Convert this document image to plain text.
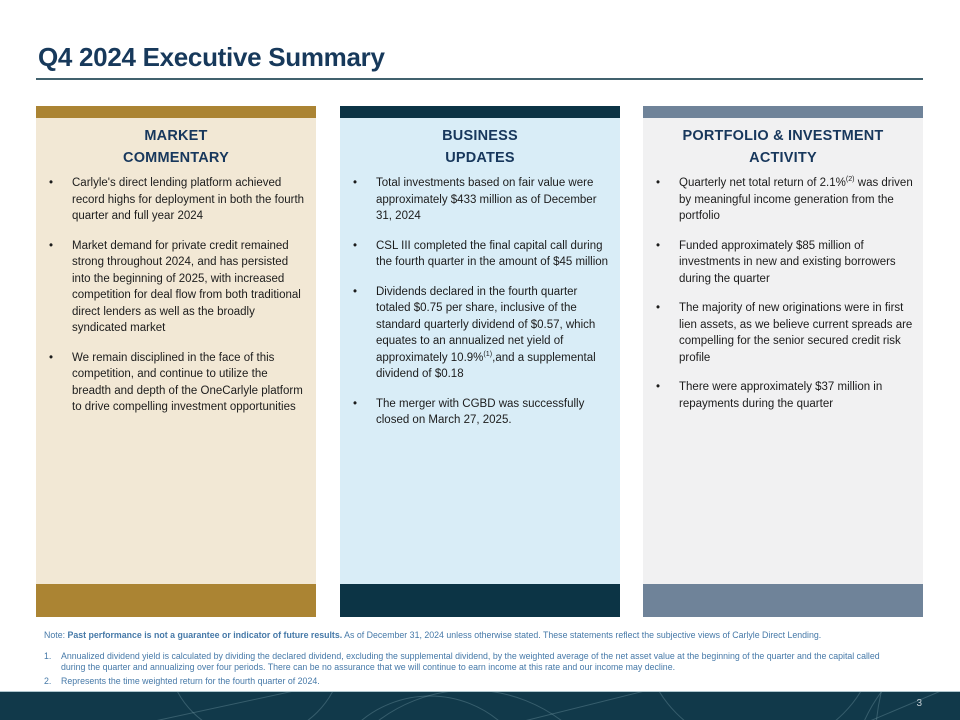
Q4 2024 Executive Summary
MARKET
COMMENTARY
•	Carlyle's direct lending platform achieved record highs for deployment in both the fourth quarter and full year 2024
•	Market demand for private credit remained strong throughout 2024, and has persisted into the beginning of 2025, with increased competition for deal flow from both traditional direct lenders as well as the broadly syndicated market
•	We remain disciplined in the face of this competition, and continue to utilize the breadth and depth of the OneCarlyle platform to drive compelling investment opportunities
BUSINESS
UPDATES
•	Total investments based on fair value were approximately $433 million as of December 31, 2024
•	CSL III completed the final capital call during the fourth quarter in the amount of $45 million
•	Dividends declared in the fourth quarter totaled $0.75 per share, inclusive of the standard quarterly dividend of $0.57, which equates to an annualized net yield of approximately 10.9%$^{(1)}$,and a supplemental dividend of $0.18
•	The merger with CGBD was successfully closed on March 27, 2025.
PORTFOLIO & INVESTMENT
ACTIVITY
•	Quarterly net total return of 2.1%$^{(2)}$ was driven by meaningful income generation from the portfolio
•	Funded approximately $85 million of investments in new and existing borrowers during the quarter
•	The majority of new originations were in first lien assets, as we believe current spreads are compelling for the senior secured credit risk profile
•	There were approximately $37 million in repayments during the quarter
Note: Past performance is not a guarantee or indicator of future results. As of December 31, 2024 unless otherwise stated. These statements reflect the subjective views of Carlyle Direct Lending.
1.	Annualized dividend yield is calculated by dividing the declared dividend, excluding the supplemental dividend, by the weighted average of the net asset value at the beginning of the quarter and the capital called during the quarter and annualizing over four periods. There can be no assurance that we will continue to earn income at this rate and our income may decline.
2.	Represents the time weighted return for the fourth quarter of 2024.
3
